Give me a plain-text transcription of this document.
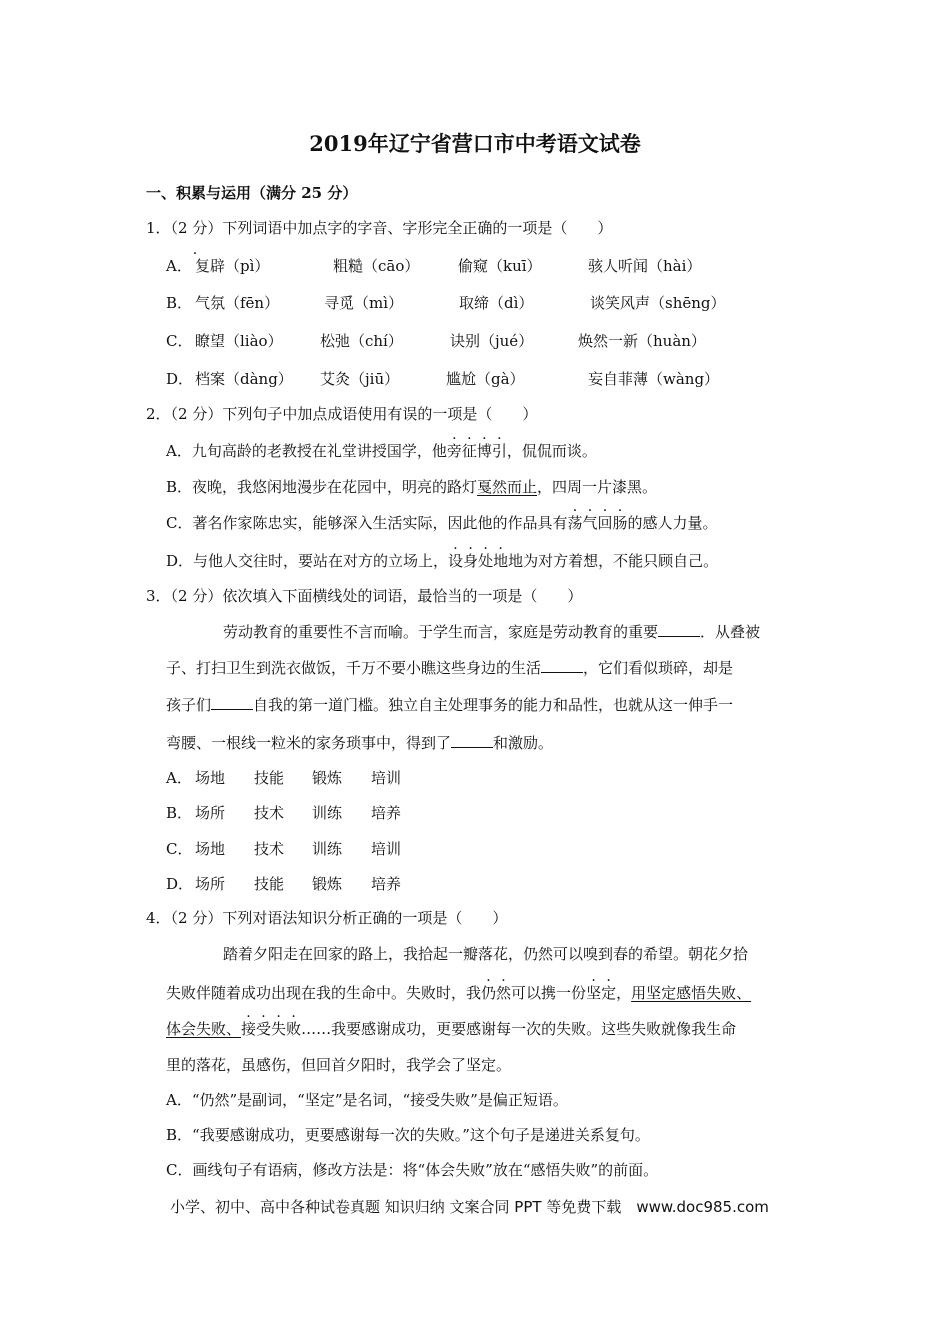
2019年辽宁省营口市中考语文试卷
一、积累与运用（满分 25 分）
1．（2 分）下列词语中加点字的字音、字形完全正确的一项是（　　）
A． 复辟（pì）	粗糙（cāo）	偷窥（kuī）	骇人听闻（hài）
B． 气氛（fēn）	寻觅（mì）	取缔（dì）	谈笑风声（shēng）
C． 瞭望（liào） 松弛（chí）	诀别（jué）	焕然一新（huàn）
D． 档案（dàng） 艾灸（jiū）	尴尬（gà）	妄自菲薄（wàng）
2．（2 分）下列句子中加点成语使用有误的一项是（　　）
A．九旬高龄的老教授在礼堂讲授国学，他旁征博引，侃侃而谈。
B．夜晚，我悠闲地漫步在花园中，明亮的路灯戛然而止，四周一片漆黑。
C．著名作家陈忠实，能够深入生活实际，因此他的作品具有荡气回肠的感人力量。
D．与他人交往时，要站在对方的立场上，设身处地地为对方着想，不能只顾自己。
3．（2 分）依次填入下面横线处的词语，最恰当的一项是（　　）
劳动教育的重要性不言而喻。于学生而言，家庭是劳动教育的重要	．从叠被
子、打扫卫生到洗衣做饭，千万不要小瞧这些身边的生活	，它们看似琐碎，却是
孩子们	自我的第一道门槛。独立自主处理事务的能力和品性，也就从这一伸手一
弯腰、一根线一粒米的家务琐事中，得到了	和激励。
A． 场地 技能 锻炼 培训
B． 场所 技术 训练 培养
C． 场地 技术 训练 培训
D． 场所 技能 锻炼 培养
4．（2 分）下列对语法知识分析正确的一项是（　　）
踏着夕阳走在回家的路上，我拾起一瓣落花，仍然可以嗅到春的希望。朝花夕拾
失败伴随着成功出现在我的生命中。失败时，我仍然可以携一份坚定，用坚定感悟失败、
体会失败、接受失败……我要感谢成功，更要感谢每一次的失败。这些失败就像我生命
里的落花，虽感伤，但回首夕阳时，我学会了坚定。
A．“仍然”是副词，“坚定”是名词，“接受失败”是偏正短语。
B．“我要感谢成功，更要感谢每一次的失败。”这个句子是递进关系复句。
C．画线句子有语病，修改方法是：将“体会失败”放在“感悟失败”的前面。
小学、初中、高中各种试卷真题 知识归纳 文案合同 PPT 等免费下载　www.doc985.com
